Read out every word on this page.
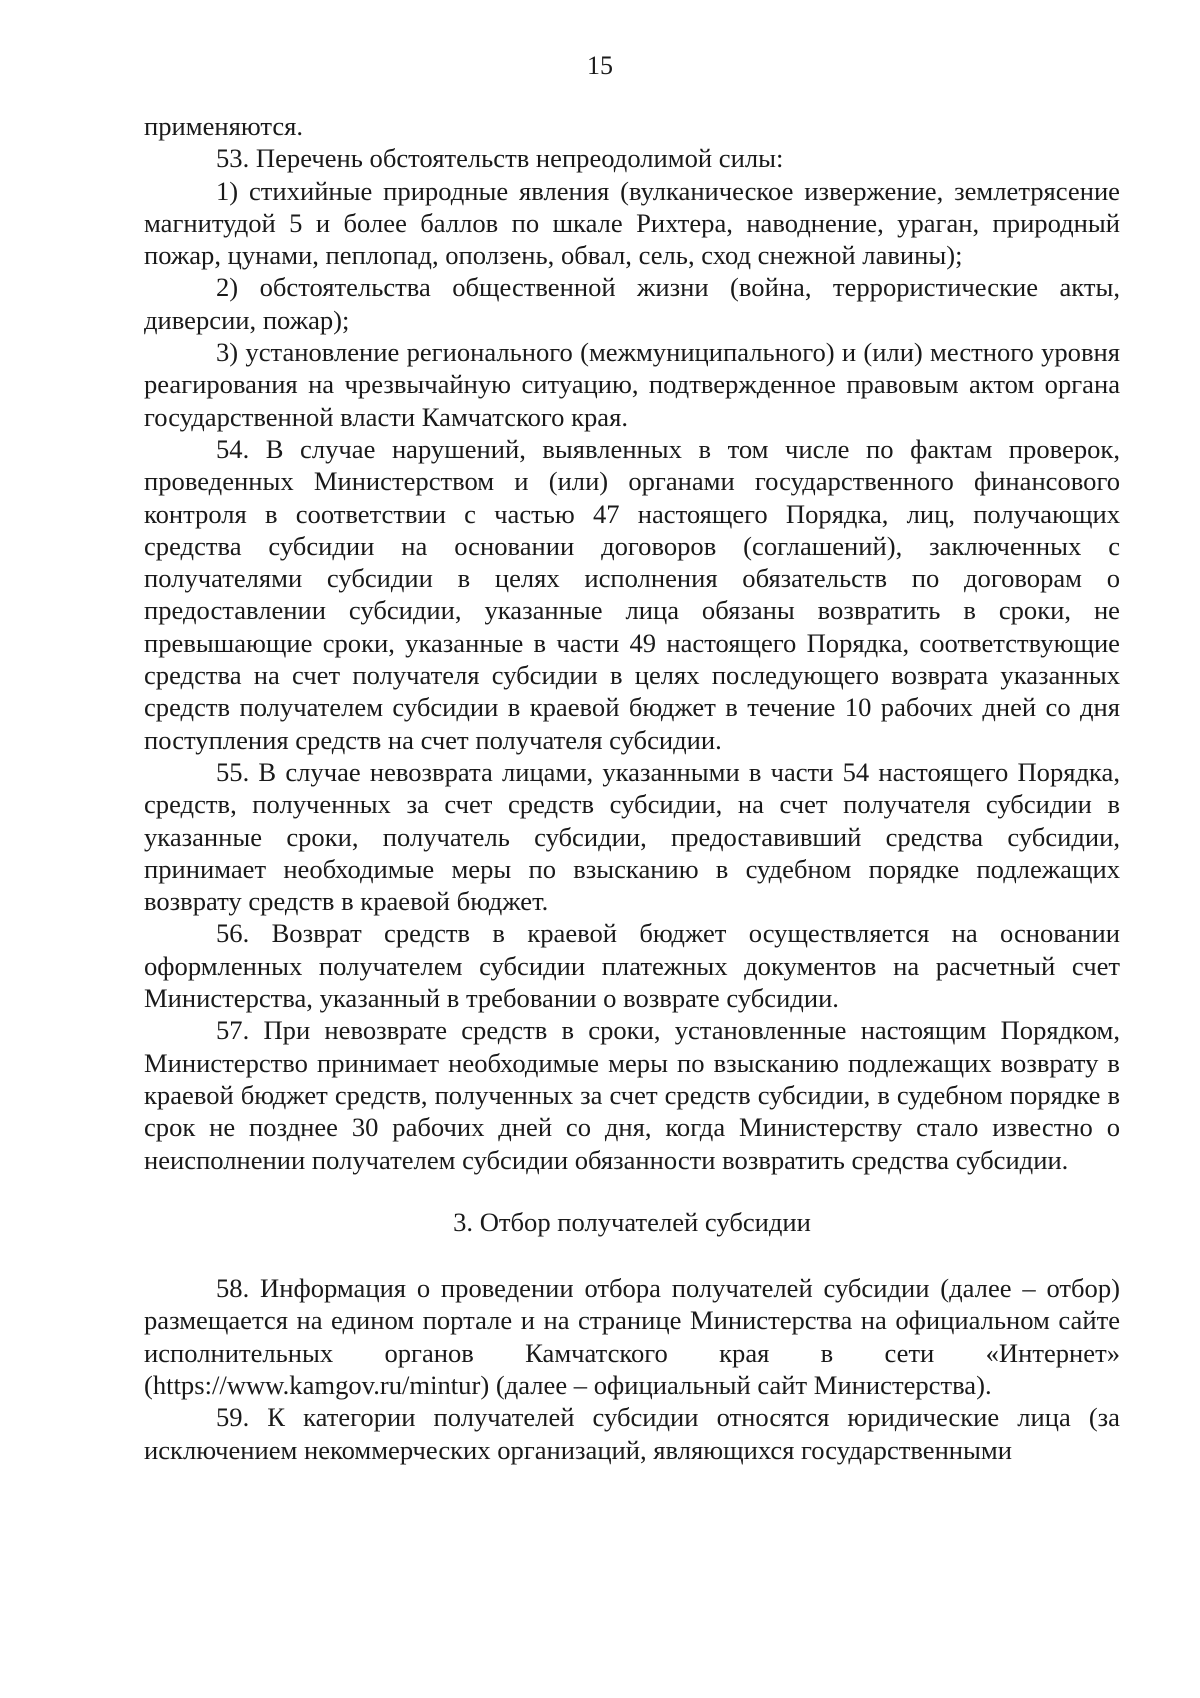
15

применяются.

53. Перечень обстоятельств непреодолимой силы:

1) стихийные природные явления (вулканическое извержение, землетрясение магнитудой 5 и более баллов по шкале Рихтера, наводнение, ураган, природный пожар, цунами, пеплопад, оползень, обвал, сель, сход снежной лавины);

2) обстоятельства общественной жизни (война, террористические акты, диверсии, пожар);

3) установление регионального (межмуниципального) и (или) местного уровня реагирования на чрезвычайную ситуацию, подтвержденное правовым актом органа государственной власти Камчатского края.

54. В случае нарушений, выявленных в том числе по фактам проверок, проведенных Министерством и (или) органами государственного финансового контроля в соответствии с частью 47 настоящего Порядка, лиц, получающих средства субсидии на основании договоров (соглашений), заключенных с получателями субсидии в целях исполнения обязательств по договорам о предоставлении субсидии, указанные лица обязаны возвратить в сроки, не превышающие сроки, указанные в части 49 настоящего Порядка, соответствующие средства на счет получателя субсидии в целях последующего возврата указанных средств получателем субсидии в краевой бюджет в течение 10 рабочих дней со дня поступления средств на счет получателя субсидии.

55. В случае невозврата лицами, указанными в части 54 настоящего Порядка, средств, полученных за счет средств субсидии, на счет получателя субсидии в указанные сроки, получатель субсидии, предоставивший средства субсидии, принимает необходимые меры по взысканию в судебном порядке подлежащих возврату средств в краевой бюджет.

56. Возврат средств в краевой бюджет осуществляется на основании оформленных получателем субсидии платежных документов на расчетный счет Министерства, указанный в требовании о возврате субсидии.

57. При невозврате средств в сроки, установленные настоящим Порядком, Министерство принимает необходимые меры по взысканию подлежащих возврату в краевой бюджет средств, полученных за счет средств субсидии, в судебном порядке в срок не позднее 30 рабочих дней со дня, когда Министерству стало известно о неисполнении получателем субсидии обязанности возвратить средства субсидии.

3. Отбор получателей субсидии

58. Информация о проведении отбора получателей субсидии (далее – отбор) размещается на едином портале и на странице Министерства на официальном сайте исполнительных органов Камчатского края в сети «Интернет» (https://www.kamgov.ru/mintur) (далее – официальный сайт Министерства).

59. К категории получателей субсидии относятся юридические лица (за исключением некоммерческих организаций, являющихся государственными
